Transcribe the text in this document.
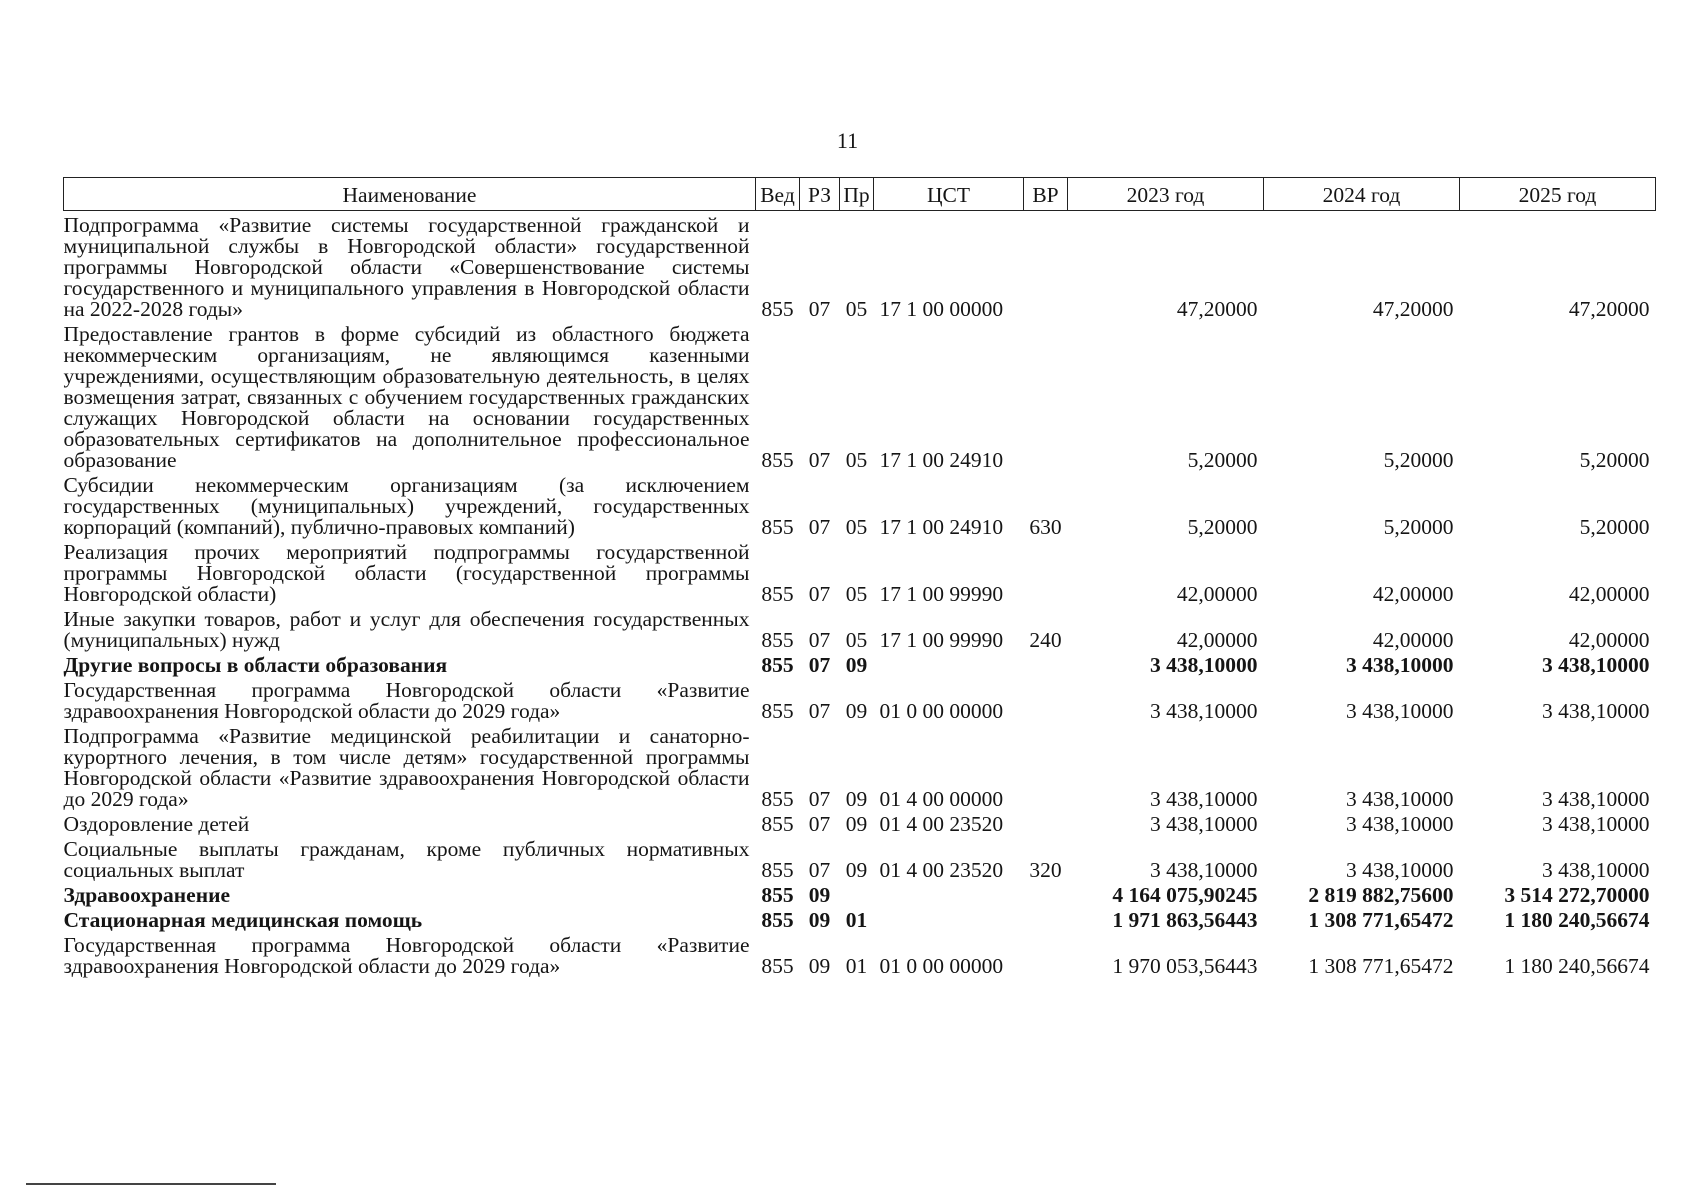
11
Наименование	Вед	РЗ	Пр	ЦСТ	ВР	2023 год	2024 год	2025 год
Подпрограмма «Развитие системы государственной гражданской и муниципальной службы в Новгородской области» государственной программы Новгородской области «Совершенствование системы государственного и муниципального управления в Новгородской области на 2022-2028 годы»	855	07	05	17 1 00 00000		47,20000	47,20000	47,20000
Предоставление грантов в форме субсидий из областного бюджета некоммерческим организациям, не являющимся казенными учреждениями, осуществляющим образовательную деятельность, в целях возмещения затрат, связанных с обучением государственных гражданских служащих Новгородской области на основании государственных образовательных сертификатов на дополнительное профессиональное образование	855	07	05	17 1 00 24910		5,20000	5,20000	5,20000
Субсидии некоммерческим организациям (за исключением государственных (муниципальных) учреждений, государственных корпораций (компаний), публично-правовых компаний)	855	07	05	17 1 00 24910	630	5,20000	5,20000	5,20000
Реализация прочих мероприятий подпрограммы государственной программы Новгородской области (государственной программы Новгородской области)	855	07	05	17 1 00 99990		42,00000	42,00000	42,00000
Иные закупки товаров, работ и услуг для обеспечения государственных (муниципальных) нужд	855	07	05	17 1 00 99990	240	42,00000	42,00000	42,00000
Другие вопросы в области образования	855	07	09			3 438,10000	3 438,10000	3 438,10000
Государственная программа Новгородской области «Развитие здравоохранения Новгородской области до 2029 года»	855	07	09	01 0 00 00000		3 438,10000	3 438,10000	3 438,10000
Подпрограмма «Развитие медицинской реабилитации и санаторно-курортного лечения, в том числе детям» государственной программы Новгородской области «Развитие здравоохранения Новгородской области до 2029 года»	855	07	09	01 4 00 00000		3 438,10000	3 438,10000	3 438,10000
Оздоровление детей	855	07	09	01 4 00 23520		3 438,10000	3 438,10000	3 438,10000
Социальные выплаты гражданам, кроме публичных нормативных социальных выплат	855	07	09	01 4 00 23520	320	3 438,10000	3 438,10000	3 438,10000
Здравоохранение	855	09				4 164 075,90245	2 819 882,75600	3 514 272,70000
Стационарная медицинская помощь	855	09	01			1 971 863,56443	1 308 771,65472	1 180 240,56674
Государственная программа Новгородской области «Развитие здравоохранения Новгородской области до 2029 года»	855	09	01	01 0 00 00000		1 970 053,56443	1 308 771,65472	1 180 240,56674
